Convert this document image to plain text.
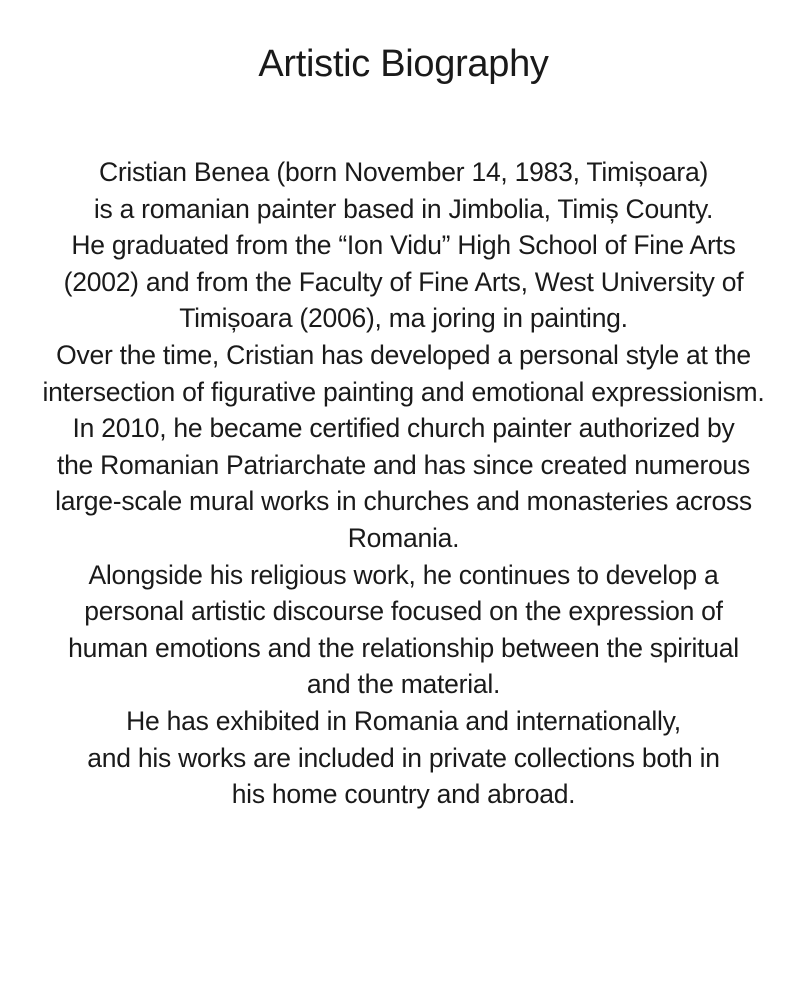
Artistic Biography
Cristian Benea (born November 14, 1983, Timișoara)
is a romanian painter based in Jimbolia, Timiș County.
He graduated from the “Ion Vidu” High School of Fine Arts
(2002) and from the Faculty of Fine Arts, West University of
Timișoara (2006), ma joring in painting.
Over the time, Cristian has developed a personal style at the
intersection of figurative painting and emotional expressionism.
In 2010, he became certified church painter authorized by
the Romanian Patriarchate and has since created numerous
large-scale mural works in churches and monasteries across
Romania.
Alongside his religious work, he continues to develop a
personal artistic discourse focused on the expression of
human emotions and the relationship between the spiritual
and the material.
He has exhibited in Romania and internationally,
and his works are included in private collections both in
his home country and abroad.
